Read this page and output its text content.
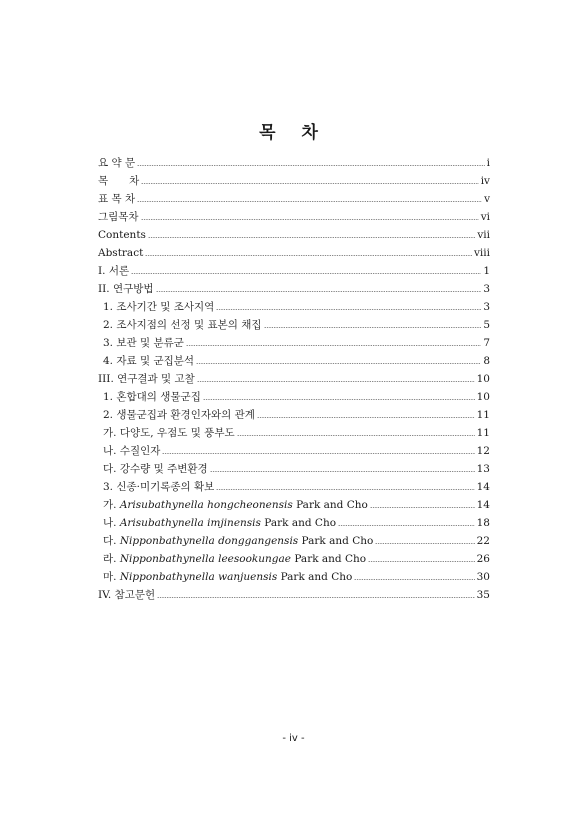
목 차
요 약 문	i
목　　차	iv
표 목 차	v
그림목차	vi
Contents	vii
Abstract	viii
I. 서론	1
II. 연구방법	3
1. 조사기간 및 조사지역	3
2. 조사지점의 선정 및 표본의 채집	5
3. 보관 및 분류군	7
4. 자료 및 군집분석	8
III. 연구결과 및 고찰	10
1. 혼합대의 생물군집	10
2. 생물군집과 환경인자와의 관계	11
가. 다양도, 우점도 및 풍부도	11
나. 수질인자	12
다. 강수량 및 주변환경	13
3. 신종·미기록종의 확보	14
가. Arisubathynella hongcheonensis Park and Cho	14
나. Arisubathynella imjinensis Park and Cho	18
다. Nipponbathynella donggangensis Park and Cho	22
라. Nipponbathynella leesookungae Park and Cho	26
마. Nipponbathynella wanjuensis Park and Cho	30
IV. 참고문헌	35
- iv -
